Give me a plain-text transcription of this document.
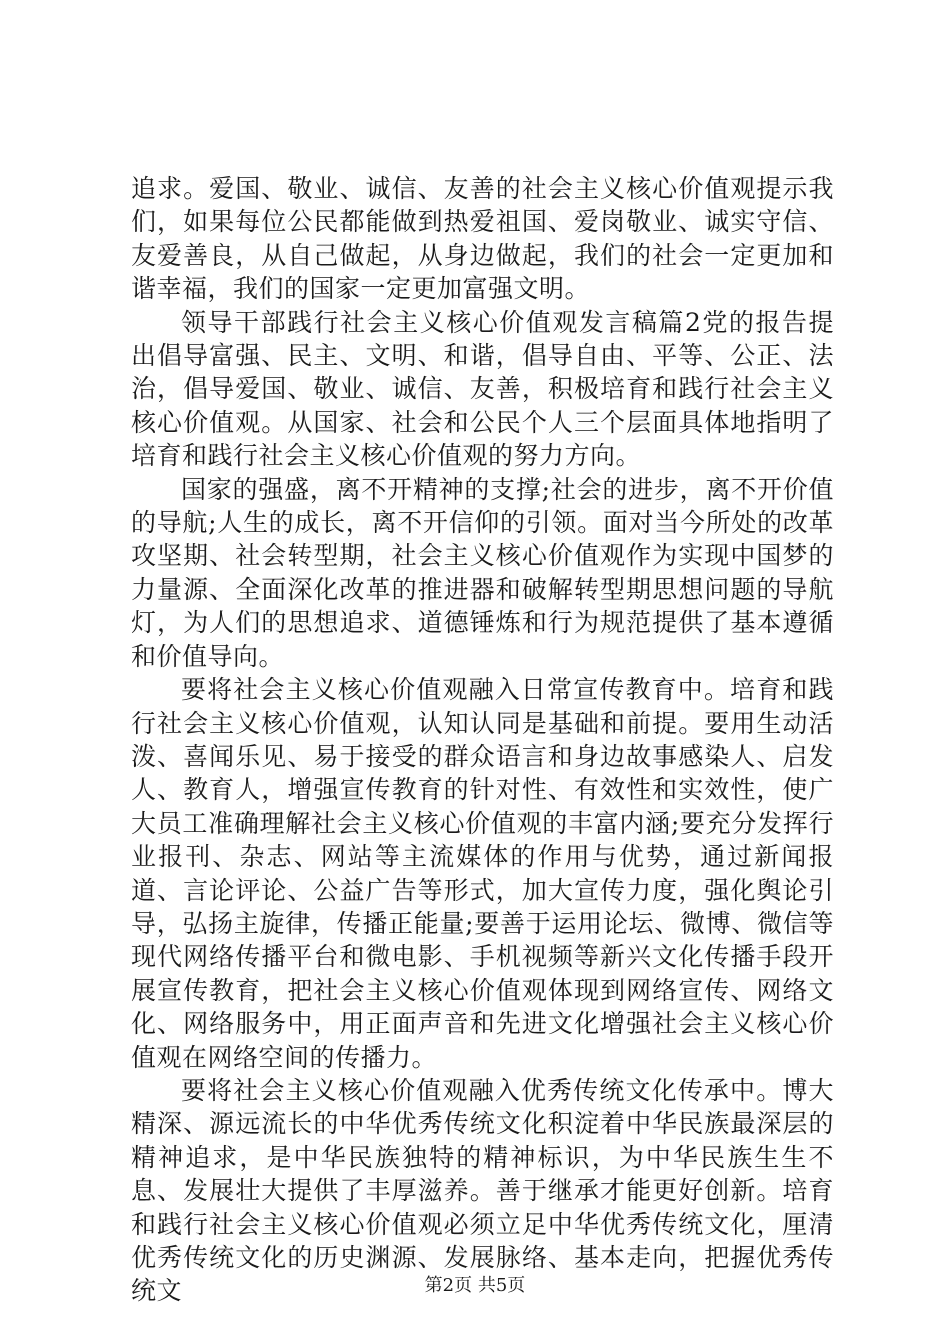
追求。爱国、敬业、诚信、友善的社会主义核心价值观提示我们，如果每位公民都能做到热爱祖国、爱岗敬业、诚实守信、友爱善良，从自己做起，从身边做起，我们的社会一定更加和谐幸福，我们的国家一定更加富强文明。

领导干部践行社会主义核心价值观发言稿篇2党的报告提出倡导富强、民主、文明、和谐，倡导自由、平等、公正、法治，倡导爱国、敬业、诚信、友善，积极培育和践行社会主义核心价值观。从国家、社会和公民个人三个层面具体地指明了培育和践行社会主义核心价值观的努力方向。

国家的强盛，离不开精神的支撑;社会的进步，离不开价值的导航;人生的成长，离不开信仰的引领。面对当今所处的改革攻坚期、社会转型期，社会主义核心价值观作为实现中国梦的力量源、全面深化改革的推进器和破解转型期思想问题的导航灯，为人们的思想追求、道德锤炼和行为规范提供了基本遵循和价值导向。

要将社会主义核心价值观融入日常宣传教育中。培育和践行社会主义核心价值观，认知认同是基础和前提。要用生动活泼、喜闻乐见、易于接受的群众语言和身边故事感染人、启发人、教育人，增强宣传教育的针对性、有效性和实效性，使广大员工准确理解社会主义核心价值观的丰富内涵;要充分发挥行业报刊、杂志、网站等主流媒体的作用与优势，通过新闻报道、言论评论、公益广告等形式，加大宣传力度，强化舆论引导，弘扬主旋律，传播正能量;要善于运用论坛、微博、微信等现代网络传播平台和微电影、手机视频等新兴文化传播手段开展宣传教育，把社会主义核心价值观体现到网络宣传、网络文化、网络服务中，用正面声音和先进文化增强社会主义核心价值观在网络空间的传播力。

要将社会主义核心价值观融入优秀传统文化传承中。博大精深、源远流长的中华优秀传统文化积淀着中华民族最深层的精神追求，是中华民族独特的精神标识，为中华民族生生不息、发展壮大提供了丰厚滋养。善于继承才能更好创新。培育和践行社会主义核心价值观必须立足中华优秀传统文化，厘清优秀传统文化的历史渊源、发展脉络、基本走向，把握优秀传统文	第2页 共5页
